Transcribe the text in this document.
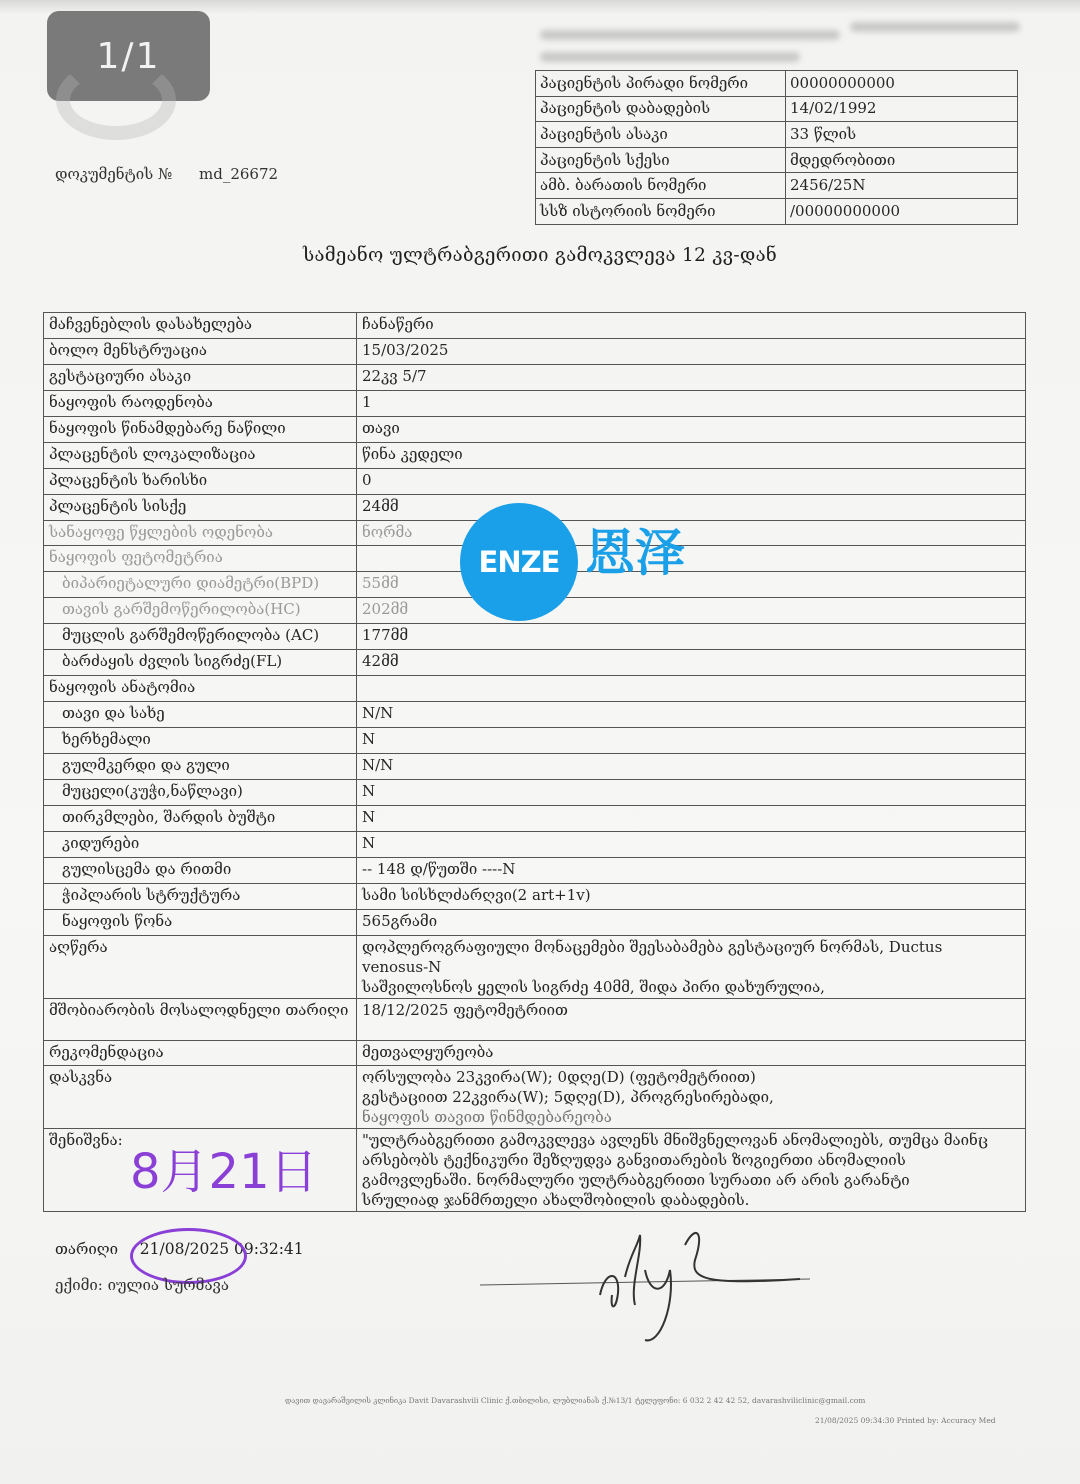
1/1
დოკუმენტის № md_26672
პაციენტის პირადი ნომერი	00000000000
პაციენტის დაბადების	14/02/1992
პაციენტის ასაკი	33 წლის
პაციენტის სქესი	მდედრობითი
ამბ. ბარათის ნომერი	2456/25N
სსზ ისტორიის ნომერი	/00000000000
სამეანო ულტრაბგერითი გამოკვლევა 12 კვ-დან
მაჩვენებლის დასახელება	ჩანაწერი
ბოლო მენსტრუაცია	15/03/2025
გესტაციური ასაკი	22კვ 5/7
ნაყოფის რაოდენობა	1
ნაყოფის წინამდებარე ნაწილი	თავი
პლაცენტის ლოკალიზაცია	წინა კედელი
პლაცენტის ხარისხი	0
პლაცენტის სისქე	24მმ
სანაყოფე წყლების ოდენობა	ნორმა
ნაყოფის ფეტომეტრია	
ბიპარიეტალური დიამეტრი(BPD)	55მმ
თავის გარშემოწერილობა(HC)	202მმ
მუცლის გარშემოწერილობა (AC)	177მმ
ბარძაყის ძვლის სიგრძე(FL)	42მმ
ნაყოფის ანატომია	
თავი და სახე	N/N
ხერხემალი	N
გულმკერდი და გული	N/N
მუცელი(კუჭი,ნაწლავი)	N
თირკმლები, შარდის ბუშტი	N
კიდურები	N
გულისცემა და რითმი	-- 148 დ/წუთში ----N
ჭიპლარის სტრუქტურა	სამი სისხლძარღვი(2 art+1v)
ნაყოფის წონა	565გრამი
აღწერა	დოპლეროგრაფიული მონაცემები შეესაბამება გესტაციურ ნორმას, Ductus
venosus-N
საშვილოსნოს ყელის სიგრძე 40მმ, შიდა პირი დახურულია,

მშობიარობის მოსალოდნელი თარიღი	18/12/2025 ფეტომეტრიით
რეკომენდაცია	მეთვალყურეობა
დასკვნა	ორსულობა 23კვირა(W); 0დღე(D) (ფეტომეტრიით)
გესტაციით 22კვირა(W); 5დღე(D), პროგრესირებადი,
ნაყოფის თავით წინმდებარეობა

შენიშვნა:	"ულტრაბგერითი გამოკვლევა ავლენს მნიშვნელოვან ანომალიებს, თუმცა მაინც
არსებობს ტექნიკური შეზღუდვა განვითარების ზოგიერთი ანომალიის
გამოვლენაში. ნორმალური ულტრაბგერითი სურათი არ არის გარანტი
სრულიად ჯანმრთელი ახალშობილის დაბადების.
ENZE 恩泽
8月21日
თარიღი 21/08/2025 09:32:41
ექიმი: იულია სურმავა
დავით დავარაშვილის კლინიკა Davit Davarashvili Clinic ქ.თბილისი, ლუბლიანას ქ.№13/1 ტელეფონი: 6 032 2 42 42 52, davarashviliclinic@gmail.com
21/08/2025 09:34:30 Printed by: Accuracy Med
